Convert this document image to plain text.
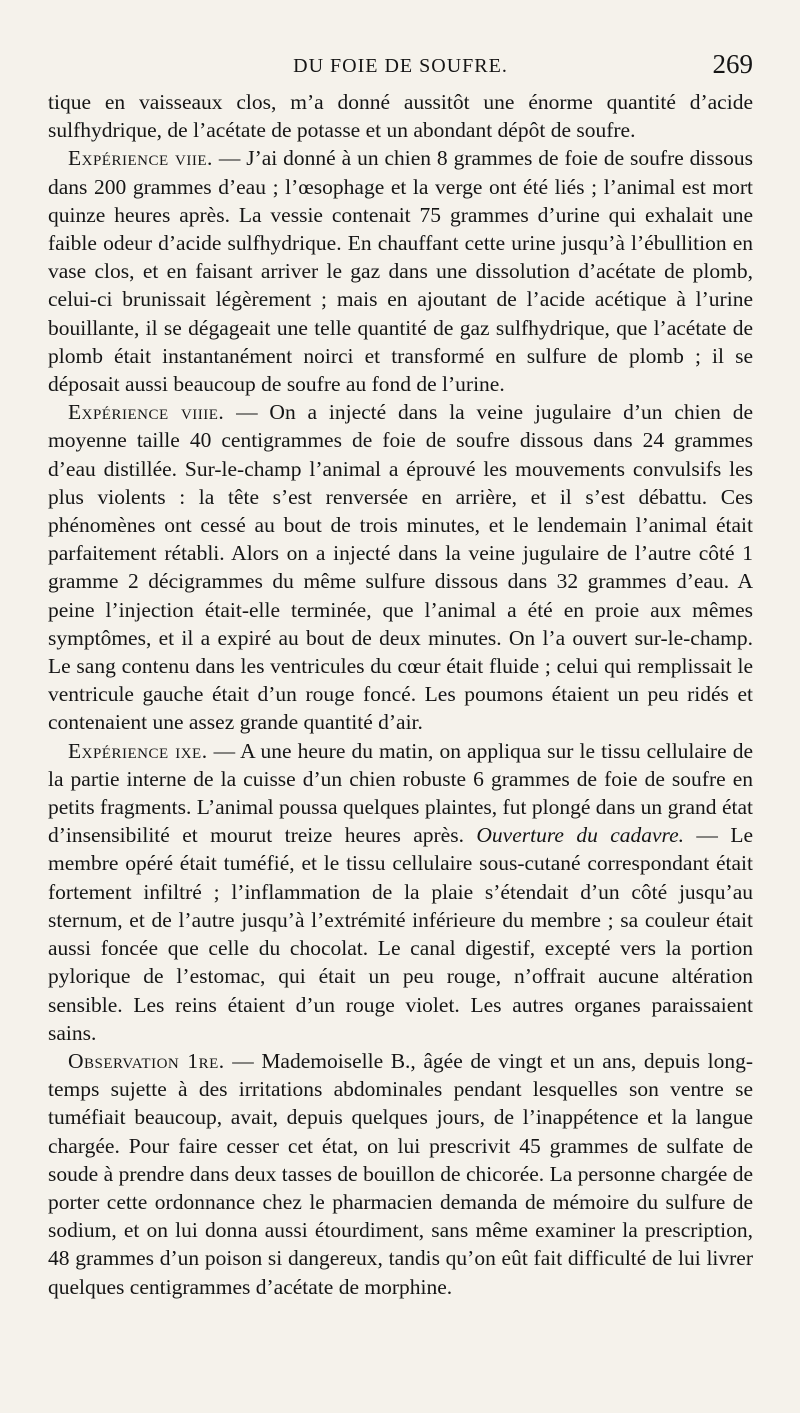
DU FOIE DE SOUFRE.	269

tique en vaisseaux clos, m’a donné aussitôt une énorme quantité d’acide sulfhydrique, de l’acétate de potasse et un abondant dépôt de soufre.

Expérience viie. — J’ai donné à un chien 8 grammes de foie de soufre dissous dans 200 grammes d’eau ; l’œsophage et la verge ont été liés ; l’animal est mort quinze heures après. La vessie contenait 75 grammes d’urine qui exhalait une faible odeur d’acide sulfhydrique. En chauffant cette urine jusqu’à l’ébullition en vase clos, et en faisant arriver le gaz dans une dissolution d’acétate de plomb, celui-ci brunissait légèrement ; mais en ajoutant de l’acide acétique à l’urine bouillante, il se dégageait une telle quantité de gaz sulfhydrique, que l’acétate de plomb était instantanément noirci et transformé en sulfure de plomb ; il se déposait aussi beaucoup de soufre au fond de l’urine.

Expérience viiie. — On a injecté dans la veine jugulaire d’un chien de moyenne taille 40 centigrammes de foie de soufre dissous dans 24 grammes d’eau distillée. Sur-le-champ l’animal a éprouvé les mouvements convulsifs les plus violents : la tête s’est renversée en arrière, et il s’est débattu. Ces phénomènes ont cessé au bout de trois minutes, et le lendemain l’animal était parfaitement rétabli. Alors on a injecté dans la veine jugulaire de l’autre côté 1 gramme 2 décigrammes du même sulfure dissous dans 32 grammes d’eau. A peine l’injection était-elle terminée, que l’animal a été en proie aux mêmes symptômes, et il a expiré au bout de deux minutes. On l’a ouvert sur-le-champ. Le sang contenu dans les ventricules du cœur était fluide ; celui qui remplissait le ventricule gauche était d’un rouge foncé. Les poumons étaient un peu ridés et contenaient une assez grande quantité d’air.

Expérience ixe. — A une heure du matin, on appliqua sur le tissu cellulaire de la partie interne de la cuisse d’un chien robuste 6 grammes de foie de soufre en petits fragments. L’animal poussa quelques plaintes, fut plongé dans un grand état d’insensibilité et mourut treize heures après. Ouverture du cadavre. — Le membre opéré était tuméfié, et le tissu cellulaire sous-cutané correspondant était fortement infiltré ; l’inflammation de la plaie s’étendait d’un côté jusqu’au sternum, et de l’autre jusqu’à l’extrémité inférieure du membre ; sa couleur était aussi foncée que celle du chocolat. Le canal digestif, excepté vers la portion pylorique de l’estomac, qui était un peu rouge, n’offrait aucune altération sensible. Les reins étaient d’un rouge violet. Les autres organes paraissaient sains.

Observation 1re. — Mademoiselle B., âgée de vingt et un ans, depuis long-temps sujette à des irritations abdominales pendant lesquelles son ventre se tuméfiait beaucoup, avait, depuis quelques jours, de l’inappétence et la langue chargée. Pour faire cesser cet état, on lui prescrivit 45 grammes de sulfate de soude à prendre dans deux tasses de bouillon de chicorée. La personne chargée de porter cette ordonnance chez le pharmacien demanda de mémoire du sulfure de sodium, et on lui donna aussi étourdiment, sans même examiner la prescription, 48 grammes d’un poison si dangereux, tandis qu’on eût fait difficulté de lui livrer quelques centigrammes d’acétate de morphine.
